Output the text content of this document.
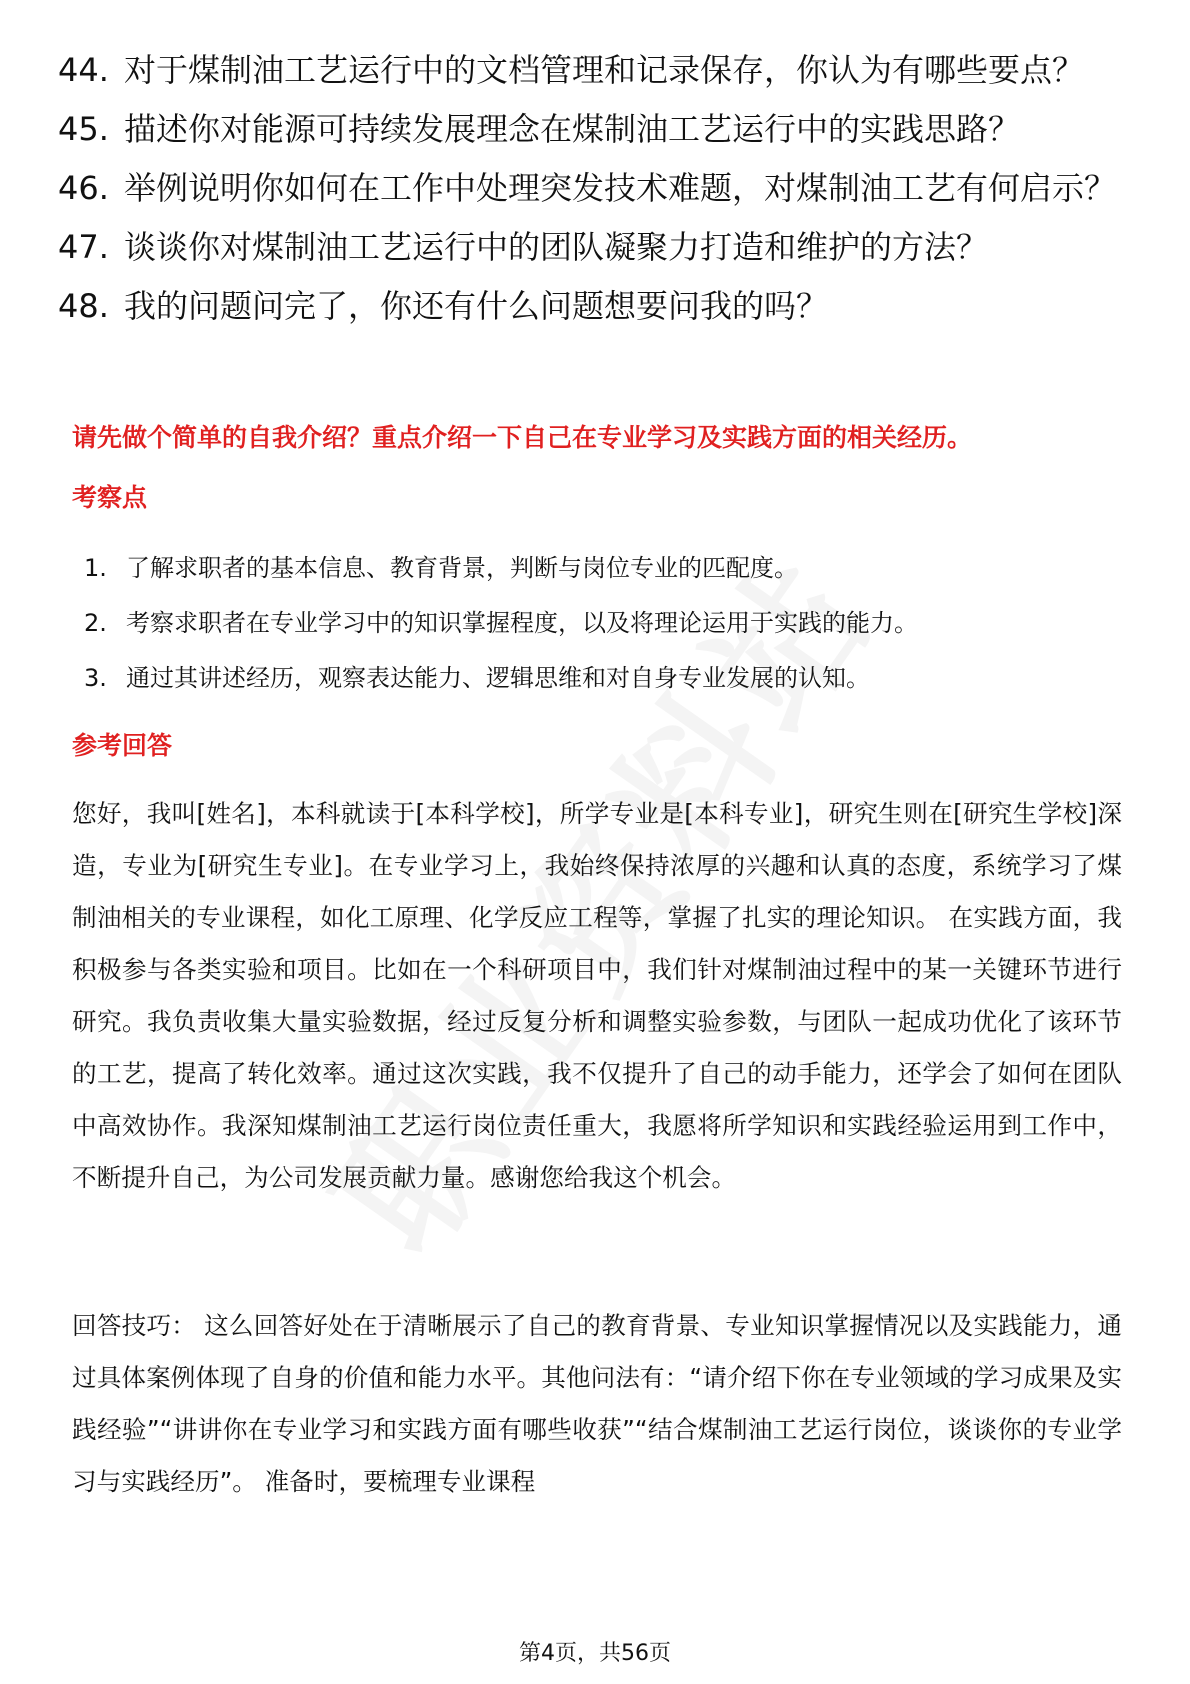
44. 对于煤制油工艺运行中的文档管理和记录保存，你认为有哪些要点？
45. 描述你对能源可持续发展理念在煤制油工艺运行中的实践思路？
46. 举例说明你如何在工作中处理突发技术难题，对煤制油工艺有何启示？
47. 谈谈你对煤制油工艺运行中的团队凝聚力打造和维护的方法？
48. 我的问题问完了，你还有什么问题想要问我的吗？
请先做个简单的自我介绍？重点介绍一下自己在专业学习及实践方面的相关经历。
考察点
1. 了解求职者的基本信息、教育背景，判断与岗位专业的匹配度。
2. 考察求职者在专业学习中的知识掌握程度，以及将理论运用于实践的能力。
3. 通过其讲述经历，观察表达能力、逻辑思维和对自身专业发展的认知。
参考回答

您好，我叫[姓名]，本科就读于[本科学校]，所学专业是[本科专业]，研究生则在[研究生学校]深造，专业为[研究生专业]。在专业学习上，我始终保持浓厚的兴趣和认真的态度，系统学习了煤制油相关的专业课程，如化工原理、化学反应工程等，掌握了扎实的理论知识。 在实践方面，我积极参与各类实验和项目。比如在一个科研项目中，我们针对煤制油过程中的某一关键环节进行研究。我负责收集大量实验数据，经过反复分析和调整实验参数，与团队一起成功优化了该环节的工艺，提高了转化效率。通过这次实践，我不仅提升了自己的动手能力，还学会了如何在团队中高效协作。我深知煤制油工艺运行岗位责任重大，我愿将所学知识和实践经验运用到工作中，不断提升自己，为公司发展贡献力量。感谢您给我这个机会。

回答技巧： 这么回答好处在于清晰展示了自己的教育背景、专业知识掌握情况以及实践能力，通过具体案例体现了自身的价值和能力水平。其他问法有：“请介绍下你在专业领域的学习成果及实践经验”“讲讲你在专业学习和实践方面有哪些收获”“结合煤制油工艺运行岗位，谈谈你的专业学习与实践经历”。 准备时，要梳理专业课程

第4页，共56页
